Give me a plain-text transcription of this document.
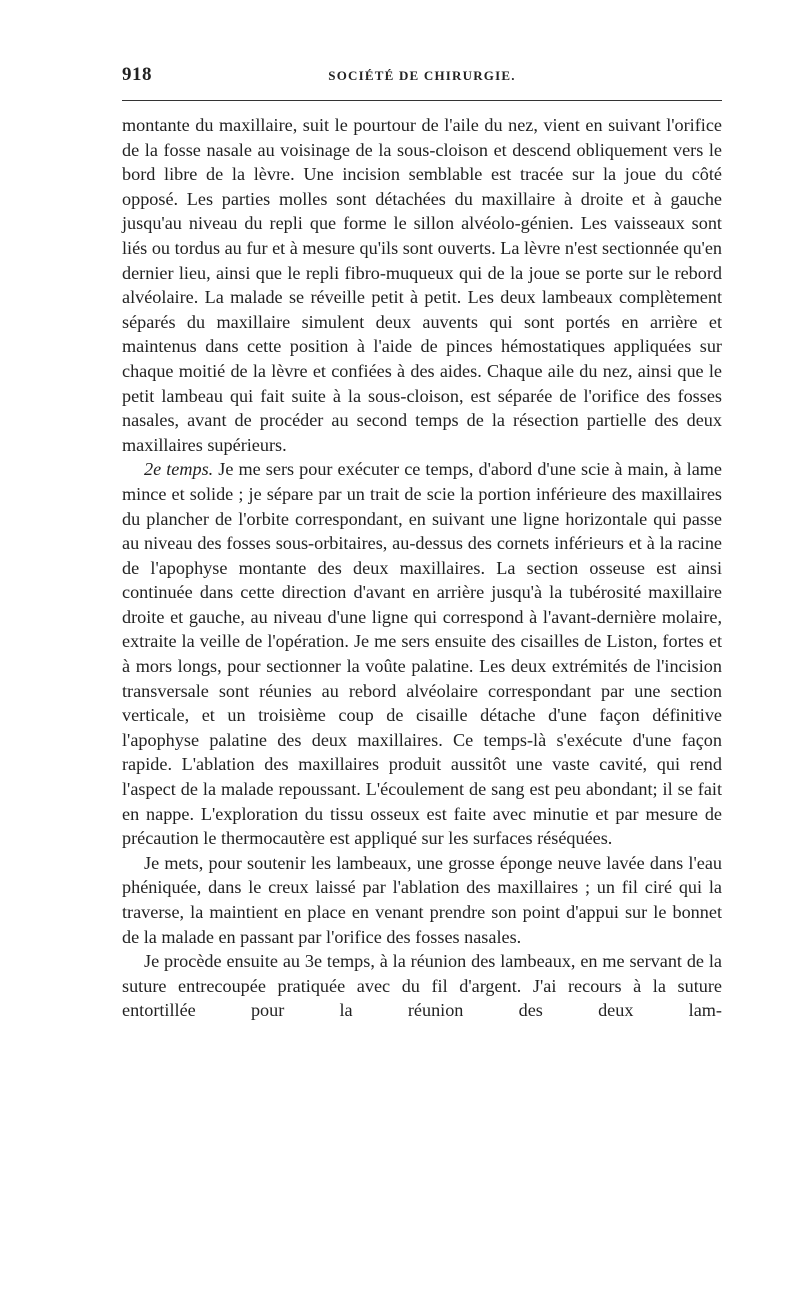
918	SOCIÉTÉ DE CHIRURGIE.

montante du maxillaire, suit le pourtour de l'aile du nez, vient en suivant l'orifice de la fosse nasale au voisinage de la sous-cloison et descend obliquement vers le bord libre de la lèvre. Une incision semblable est tracée sur la joue du côté opposé. Les parties molles sont détachées du maxillaire à droite et à gauche jusqu'au niveau du repli que forme le sillon alvéolo-génien. Les vaisseaux sont liés ou tordus au fur et à mesure qu'ils sont ouverts. La lèvre n'est sectionnée qu'en dernier lieu, ainsi que le repli fibro-muqueux qui de la joue se porte sur le rebord alvéolaire. La malade se réveille petit à petit. Les deux lambeaux complètement séparés du maxillaire simulent deux auvents qui sont portés en arrière et maintenus dans cette position à l'aide de pinces hémostatiques appliquées sur chaque moitié de la lèvre et confiées à des aides. Chaque aile du nez, ainsi que le petit lambeau qui fait suite à la sous-cloison, est séparée de l'orifice des fosses nasales, avant de procéder au second temps de la résection partielle des deux maxillaires supérieurs.

2e temps. Je me sers pour exécuter ce temps, d'abord d'une scie à main, à lame mince et solide ; je sépare par un trait de scie la portion inférieure des maxillaires du plancher de l'orbite correspondant, en suivant une ligne horizontale qui passe au niveau des fosses sous-orbitaires, au-dessus des cornets inférieurs et à la racine de l'apophyse montante des deux maxillaires. La section osseuse est ainsi continuée dans cette direction d'avant en arrière jusqu'à la tubérosité maxillaire droite et gauche, au niveau d'une ligne qui correspond à l'avant-dernière molaire, extraite la veille de l'opération. Je me sers ensuite des cisailles de Liston, fortes et à mors longs, pour sectionner la voûte palatine. Les deux extrémités de l'incision transversale sont réunies au rebord alvéolaire correspondant par une section verticale, et un troisième coup de cisaille détache d'une façon définitive l'apophyse palatine des deux maxillaires. Ce temps-là s'exécute d'une façon rapide. L'ablation des maxillaires produit aussitôt une vaste cavité, qui rend l'aspect de la malade repoussant. L'écoulement de sang est peu abondant; il se fait en nappe. L'exploration du tissu osseux est faite avec minutie et par mesure de précaution le thermocautère est appliqué sur les surfaces réséquées.

Je mets, pour soutenir les lambeaux, une grosse éponge neuve lavée dans l'eau phéniquée, dans le creux laissé par l'ablation des maxillaires ; un fil ciré qui la traverse, la maintient en place en venant prendre son point d'appui sur le bonnet de la malade en passant par l'orifice des fosses nasales.

Je procède ensuite au 3e temps, à la réunion des lambeaux, en me servant de la suture entrecoupée pratiquée avec du fil d'argent. J'ai recours à la suture entortillée pour la réunion des deux lam-
